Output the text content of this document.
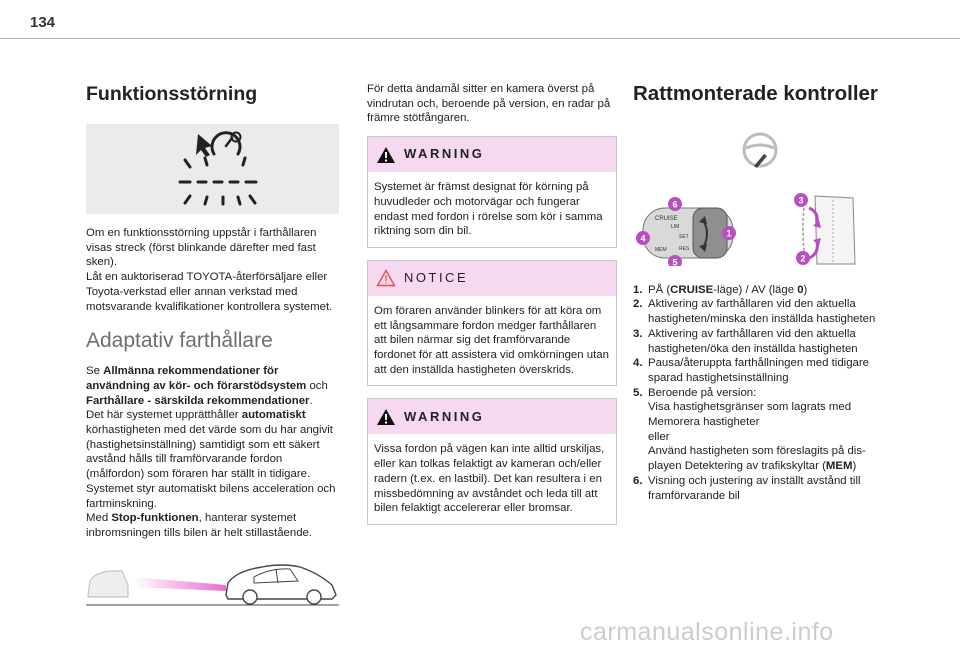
134
Funktionsstörning

Om en funktionsstörning uppstår i farthållaren visas streck (först blinkande därefter med fast sken).

Låt en auktoriserad TOYOTA-återförsäljare eller Toyota-verkstad eller annan verkstad med motsvarande kvalifikationer kontrollera systemet.

Adaptativ farthållare

Se Allmänna rekommendationer för användning av kör- och förarstödsystem och Farthållare - särskilda rekommendationer.

Det här systemet upprätthåller automatiskt körhastigheten med det värde som du har angivit (hastighetsinställning) samtidigt som ett säkert avstånd hålls till framförvarande fordon (målfordon) som föraren har ställt in tidigare.

Systemet styr automatiskt bilens acceleration och fartminskning.

Med Stop-funktionen, hanterar systemet inbromsningen tills bilen är helt stillastående.

För detta ändamål sitter en kamera överst på vindrutan och, beroende på version, en radar på främre stötfångaren.

WARNING

Systemet är främst designat för körning på huvudleder och motorvägar och fungerar endast med fordon i rörelse som kör i samma riktning som din bil.

NOTICE

Om föraren använder blinkers för att köra om ett långsammare fordon medger farthållaren att bilen närmar sig det framförvarande fordonet för att assistera vid omkörningen utan att den inställda hastigheten överskrids.

WARNING

Vissa fordon på vägen kan inte alltid urskiljas, eller kan tolkas felaktigt av kameran och/eller radern (t.ex. en lastbil). Det kan resultera i en missbedömning av avståndet och leda till att bilen felaktigt accelererar eller bromsar.

Rattmonterade kontroller
CRUISE
LIM
SET
MEM RES
1
3
4
5
6
2
1. PÅ (CRUISE-läge) / AV (läge 0)
2. Aktivering av farthållaren vid den aktuella hastigheten/minska den inställda hastigheten
3. Aktivering av farthållaren vid den aktuella hastigheten/öka den inställda hastigheten
4. Pausa/återuppta farthållningen med tidigare sparad hastighetsinställning
5. Beroende på version:
Visa hastighetsgränser som lagrats med Memorera hastigheter
eller
Använd hastigheten som föreslagits på dis-playen Detektering av trafikskyltar (MEM)
6. Visning och justering av inställt avstånd till framförvarande bil
carmanualsonline.info
